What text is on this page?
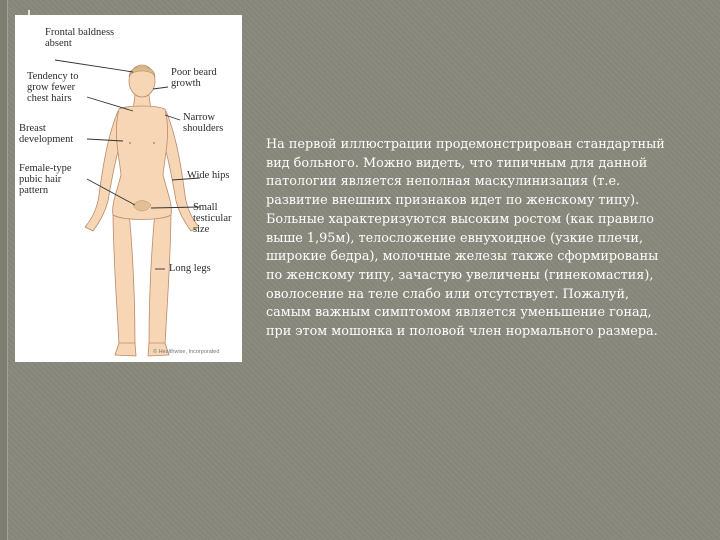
Frontal baldness
absent
Poor beard
growth
Tendency to
grow fewer
chest hairs
Narrow
shoulders
Breast
development
Female-type
pubic hair
pattern
Wide hips
Small
testicular
size
Long legs
© Healthwise, Incorporated

На первой иллюстрации продемонстрирован стандартный вид больного. Можно видеть, что типичным для данной патологии является неполная маскулинизация (т.е. развитие внешних признаков идет по женскому типу). Больные характеризуются высоким ростом (как правило выше 1,95м), телосложение евнухоидное (узкие плечи, широкие бедра), молочные железы также сформированы по женскому типу, зачастую увеличены (гинекомастия), оволосение на теле слабо или отсутствует. Пожалуй, самым важным симптомом является уменьшение гонад, при этом мошонка и половой член нормального размера.
